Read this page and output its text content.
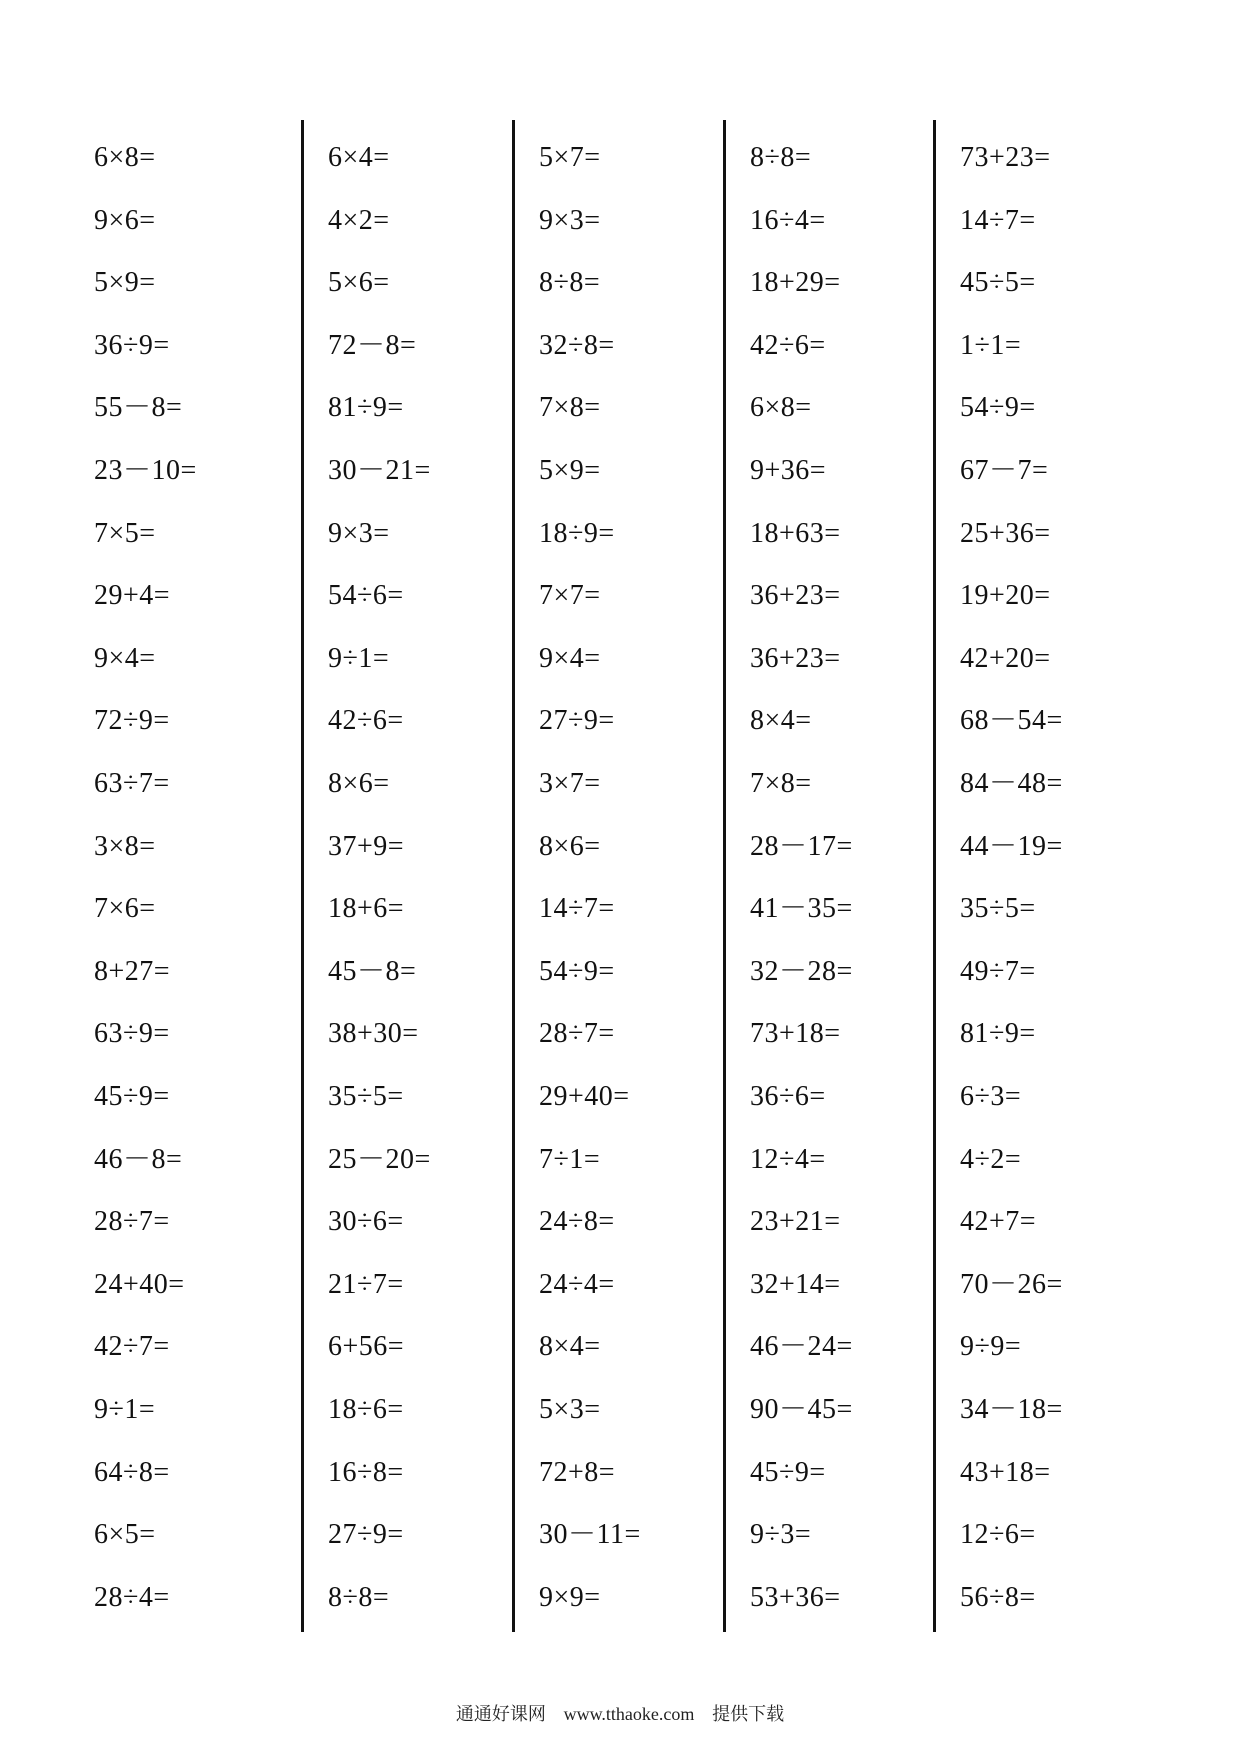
6×8=
9×6=
5×9=
36÷9=
55－8=
23－10=
7×5=
29+4=
9×4=
72÷9=
63÷7=
3×8=
7×6=
8+27=
63÷9=
45÷9=
46－8=
28÷7=
24+40=
42÷7=
9÷1=
64÷8=
6×5=
28÷4=
6×4=
4×2=
5×6=
72－8=
81÷9=
30－21=
9×3=
54÷6=
9÷1=
42÷6=
8×6=
37+9=
18+6=
45－8=
38+30=
35÷5=
25－20=
30÷6=
21÷7=
6+56=
18÷6=
16÷8=
27÷9=
8÷8=
5×7=
9×3=
8÷8=
32÷8=
7×8=
5×9=
18÷9=
7×7=
9×4=
27÷9=
3×7=
8×6=
14÷7=
54÷9=
28÷7=
29+40=
7÷1=
24÷8=
24÷4=
8×4=
5×3=
72+8=
30－11=
9×9=
8÷8=
16÷4=
18+29=
42÷6=
6×8=
9+36=
18+63=
36+23=
36+23=
8×4=
7×8=
28－17=
41－35=
32－28=
73+18=
36÷6=
12÷4=
23+21=
32+14=
46－24=
90－45=
45÷9=
9÷3=
53+36=
73+23=
14÷7=
45÷5=
1÷1=
54÷9=
67－7=
25+36=
19+20=
42+20=
68－54=
84－48=
44－19=
35÷5=
49÷7=
81÷9=
6÷3=
4÷2=
42+7=
70－26=
9÷9=
34－18=
43+18=
12÷6=
56÷8=
通通好课网 www.tthaoke.com 提供下载
